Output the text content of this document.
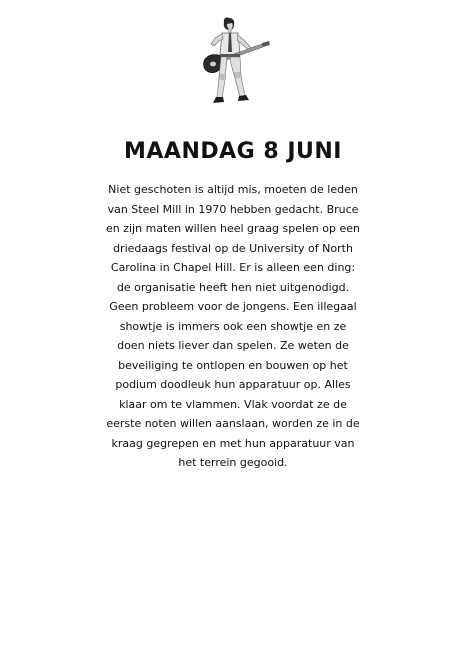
MAANDAG 8 JUNI

Niet geschoten is altijd mis, moeten de leden
van Steel Mill in 1970 hebben gedacht. Bruce
en zijn maten willen heel graag spelen op een
driedaags festival op de University of North
Carolina in Chapel Hill. Er is alleen een ding:
de organisatie heeft hen niet uitgenodigd.
Geen probleem voor de jongens. Een illegaal
showtje is immers ook een showtje en ze
doen niets liever dan spelen. Ze weten de
beveiliging te ontlopen en bouwen op het
podium doodleuk hun apparatuur op. Alles
klaar om te vlammen. Vlak voordat ze de
eerste noten willen aanslaan, worden ze in de
kraag gegrepen en met hun apparatuur van
het terrein gegooid.
